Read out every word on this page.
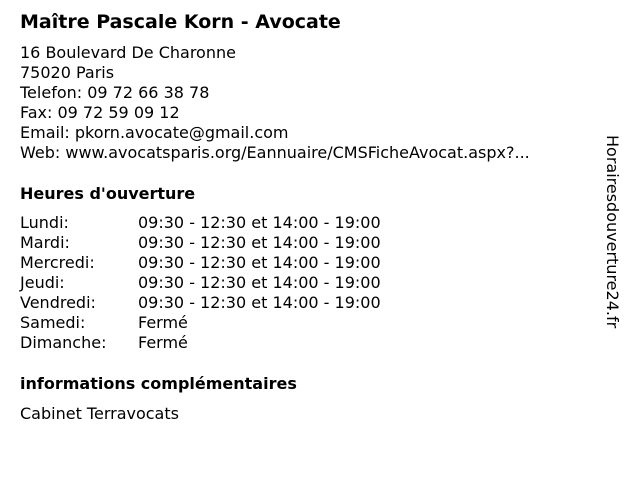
Maître Pascale Korn - Avocate
16 Boulevard De Charonne
75020 Paris
Telefon: 09 72 66 38 78
Fax: 09 72 59 09 12
Email: pkorn.avocate@gmail.com
Web: www.avocatsparis.org/Eannuaire/CMSFicheAvocat.aspx?...
Heures d'ouverture
Lundi:	09:30 - 12:30 et 14:00 - 19:00
Mardi:	09:30 - 12:30 et 14:00 - 19:00
Mercredi:	09:30 - 12:30 et 14:00 - 19:00
Jeudi:	09:30 - 12:30 et 14:00 - 19:00
Vendredi:	09:30 - 12:30 et 14:00 - 19:00
Samedi:	Fermé
Dimanche: Fermé
informations complémentaires
Cabinet Terravocats
Horairesdouverture24.fr
